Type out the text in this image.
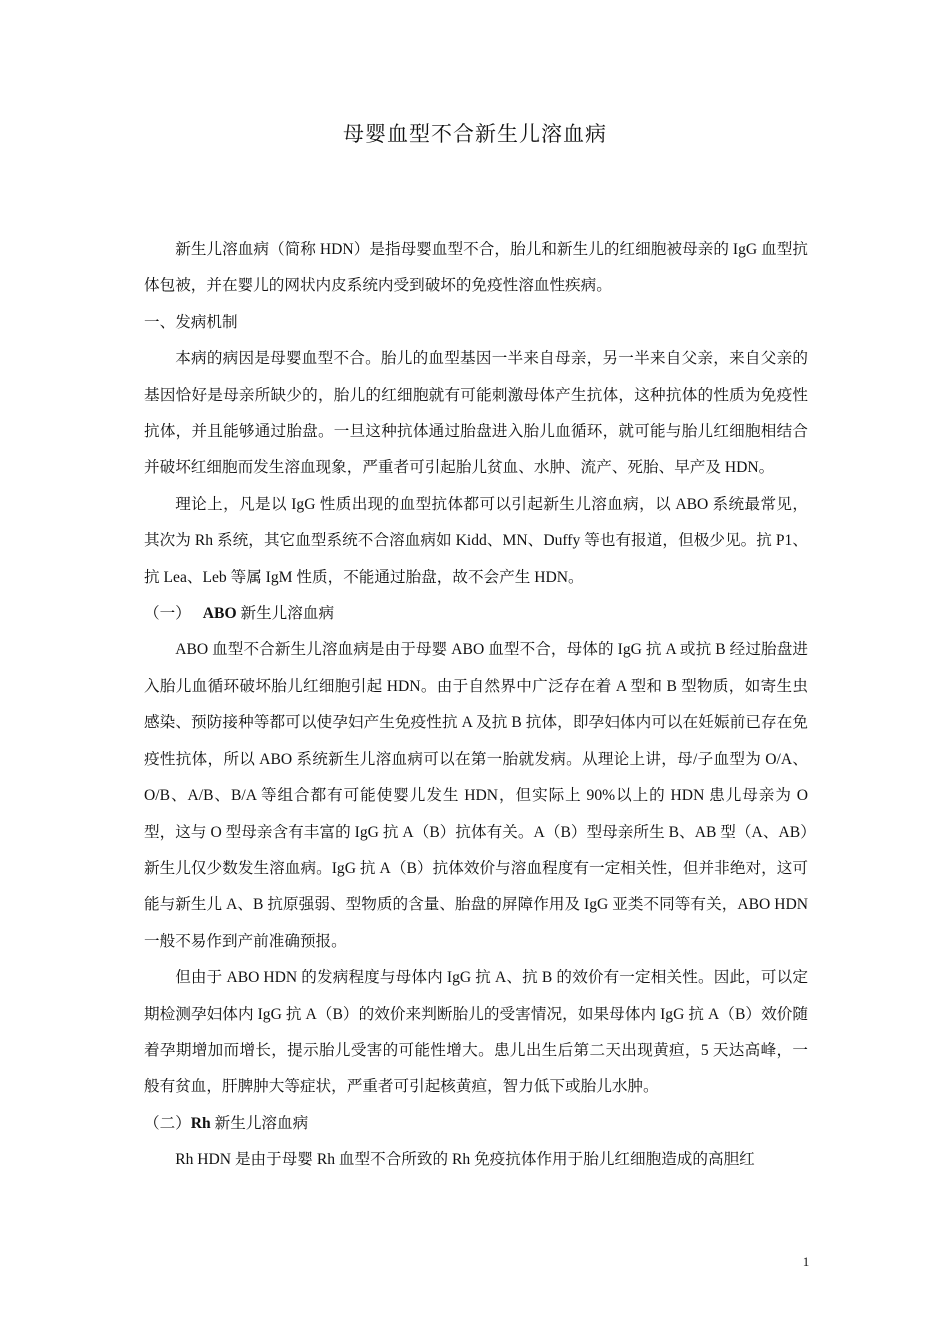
母婴血型不合新生儿溶血病

新生儿溶血病（简称 HDN）是指母婴血型不合，胎儿和新生儿的红细胞被母亲的 IgG 血型抗体包被，并在婴儿的网状内皮系统内受到破坏的免疫性溶血性疾病。

一、发病机制

本病的病因是母婴血型不合。胎儿的血型基因一半来自母亲，另一半来自父亲，来自父亲的基因恰好是母亲所缺少的，胎儿的红细胞就有可能刺激母体产生抗体，这种抗体的性质为免疫性抗体，并且能够通过胎盘。一旦这种抗体通过胎盘进入胎儿血循环，就可能与胎儿红细胞相结合并破坏红细胞而发生溶血现象，严重者可引起胎儿贫血、水肿、流产、死胎、早产及 HDN。

理论上，凡是以 IgG 性质出现的血型抗体都可以引起新生儿溶血病，以 ABO 系统最常见，其次为 Rh 系统，其它血型系统不合溶血病如 Kidd、MN、Duffy 等也有报道，但极少见。抗 P1、抗 Lea、Leb 等属 IgM 性质，不能通过胎盘，故不会产生 HDN。

（一） ABO 新生儿溶血病

ABO 血型不合新生儿溶血病是由于母婴 ABO 血型不合，母体的 IgG 抗 A 或抗 B 经过胎盘进入胎儿血循环破坏胎儿红细胞引起 HDN。由于自然界中广泛存在着 A 型和 B 型物质，如寄生虫感染、预防接种等都可以使孕妇产生免疫性抗 A 及抗 B 抗体，即孕妇体内可以在妊娠前已存在免疫性抗体，所以 ABO 系统新生儿溶血病可以在第一胎就发病。从理论上讲，母/子血型为 O/A、O/B、A/B、B/A 等组合都有可能使婴儿发生 HDN，但实际上 90%以上的 HDN 患儿母亲为 O 型，这与 O 型母亲含有丰富的 IgG 抗 A（B）抗体有关。A（B）型母亲所生 B、AB 型（A、AB）新生儿仅少数发生溶血病。IgG 抗 A（B）抗体效价与溶血程度有一定相关性，但并非绝对，这可能与新生儿 A、B 抗原强弱、型物质的含量、胎盘的屏障作用及 IgG 亚类不同等有关，ABO HDN 一般不易作到产前准确预报。

但由于 ABO HDN 的发病程度与母体内 IgG 抗 A、抗 B 的效价有一定相关性。因此，可以定期检测孕妇体内 IgG 抗 A（B）的效价来判断胎儿的受害情况，如果母体内 IgG 抗 A（B）效价随着孕期增加而增长，提示胎儿受害的可能性增大。患儿出生后第二天出现黄疸，5 天达高峰，一般有贫血，肝脾肿大等症状，严重者可引起核黄疸，智力低下或胎儿水肿。

（二）Rh 新生儿溶血病

Rh HDN 是由于母婴 Rh 血型不合所致的 Rh 免疫抗体作用于胎儿红细胞造成的高胆红

1
